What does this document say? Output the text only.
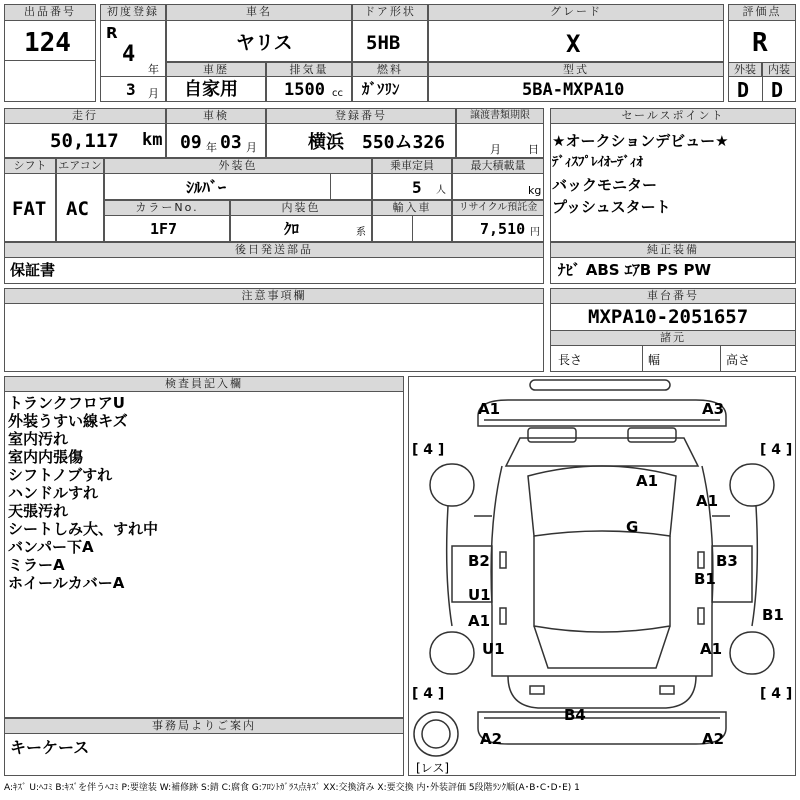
出品番号
124
初度登録
R
4
年
3 月
車名
ヤリス
ドア形状
5HB
グレード
X
評価点
R
外装	内装
D D
車歴
自家用
排気量
1500 cc
燃料
ｶﾞｿﾘﾝ
型式
5BA-MXPA10
走行
50,117 km
車検
09 年 03 月
登録番号
横浜 550ム326
譲渡書類期限
月 日
シフト
FAT
エアコン
AC
外装色
ｼﾙﾊﾞｰ
乗車定員
5 人
最大積載量
kg
カラーNo.
1F7
内装色
ｸﾛ	系
輸入車	リサイクル預託金
7,510 円
後日発送部品
保証書
セールスポイント
★オークションデビュー★
ﾃﾞｨｽﾌﾟﾚｲｵｰﾃﾞｨｵ
バックモニター
プッシュスタート
純正装備
ﾅﾋﾞ ABS ｴｱB PS PW
注意事項欄	車台番号
MXPA10-2051657
諸元
長さ	幅	高さ
検査員記入欄
トランクフロアU
外装うすい線キズ
室内汚れ
室内内張傷
シフトノブすれ
ハンドルすれ
天張汚れ
シートしみ大、すれ中
バンパー下A
ミラーA
ホイールカバーA
事務局よりご案内
キーケース
A1	A3
A1
A1
G
B2	B3
B1
U1
A1	B1
U1	A1
B4
A2	A2
[ 4 ]	[ 4 ]
[ 4 ]	[ 4 ]
[レス]
A:ｷｽﾞ U:ﾍｺﾐ B:ｷｽﾞを伴うﾍｺﾐ P:要塗装 W:補修跡 S:錆 C:腐食 G:ﾌﾛﾝﾄｶﾞﾗｽ点ｷｽﾞ XX:交換済み X:要交換 内･外装評価 5段階ﾗﾝｸ順(A･B･C･D･E) 1
